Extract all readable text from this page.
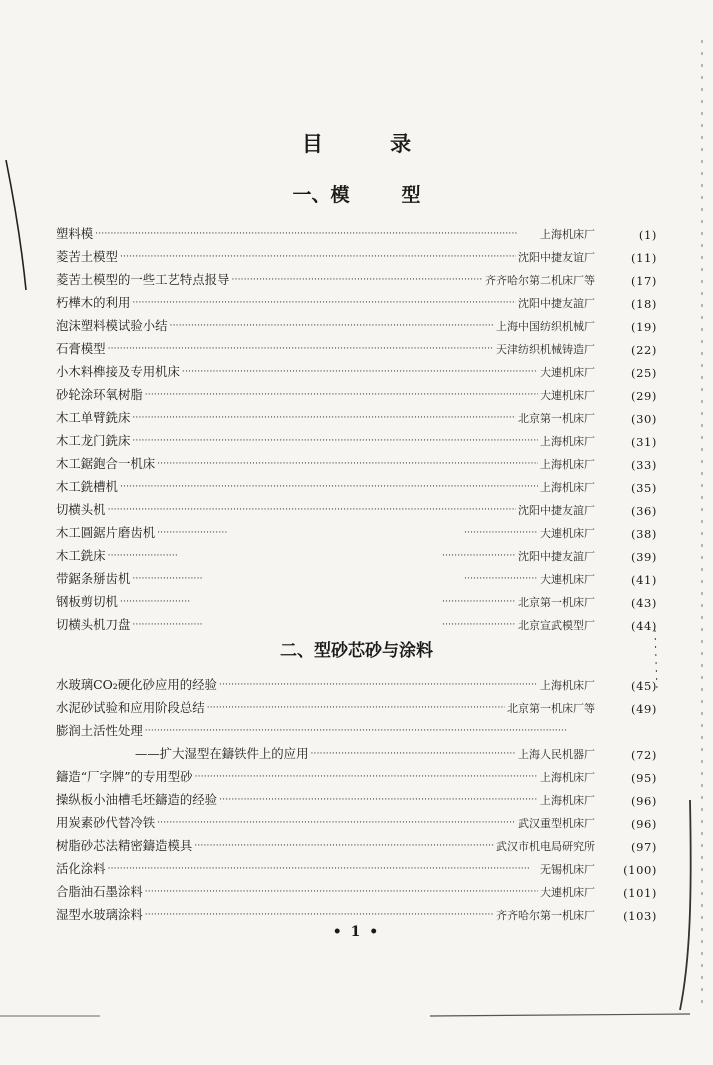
目 录
一、模	型
二、型砂芯砂与涂料
塑料模 ·····	上海机床厂	(1)
菱苦土模型 ·····	沈阳中捷友谊厂	(11)
菱苦土模型的一些工艺特点报导 ·····	齐齐哈尔第二机床厂等	(17)
朽樺木的利用 ·····	沈阳中捷友誼厂	(18)
泡沫塑料模试验小结 ·····	上海中国纺织机械厂	(19)
石膏模型 ·····	天津纺织机械铸造厂	(22)
小木料榫接及专用机床 ·····	大連机床厂	(25)
砂轮涂环氧树脂 ·····	大連机床厂	(29)
木工单臂銑床 ·····	北京第一机床厂	(30)
木工龙门銑床 ·····	上海机床厂	(31)
木工鋸鉋合一机床 ·····	上海机床厂	(33)
木工銑槽机 ·····	上海机床厂	(35)
切横头机 ·····	沈阳中捷友誼厂	(36)
木工圓鋸片磨齿机 ····· ·····	大連机床厂	(38)
木工銑床 ····· ·····	沈阳中捷友誼厂	(39)
带鋸条掰齿机 ····· ·····	大連机床厂	(41)
钢板剪切机 ····· ·····	北京第一机床厂	(43)
切横头机刀盘 ····· ·····	北京宣武模型厂	(44)
水玻璃CO₂硬化砂应用的经验 ·····	上海机床厂	(45)
水泥砂试验和应用阶段总结 ·····	北京第一机床厂等	(49)
膨润土活性处理
·····
——扩大湿型在鑄铁件上的应用 ·····	上海人民机器厂	(72)
鑄造“厂字牌”的专用型砂 ·····	上海机床厂	(95)
操纵板小油槽毛坯鑄造的经验 ·····	上海机床厂	(96)
用炭素砂代替冷铁 ·····	武汉重型机床厂	(96)
树脂砂芯法精密鑄造模具 ·····	武汉市机电局研究所	(97)
活化涂料 ·····	无锡机床厂	(100)
合脂油石墨涂料 ·····	大連机床厂	(101)
湿型水玻璃涂料 ·····	齐齐哈尔第一机床厂	(103)
• 1 •
